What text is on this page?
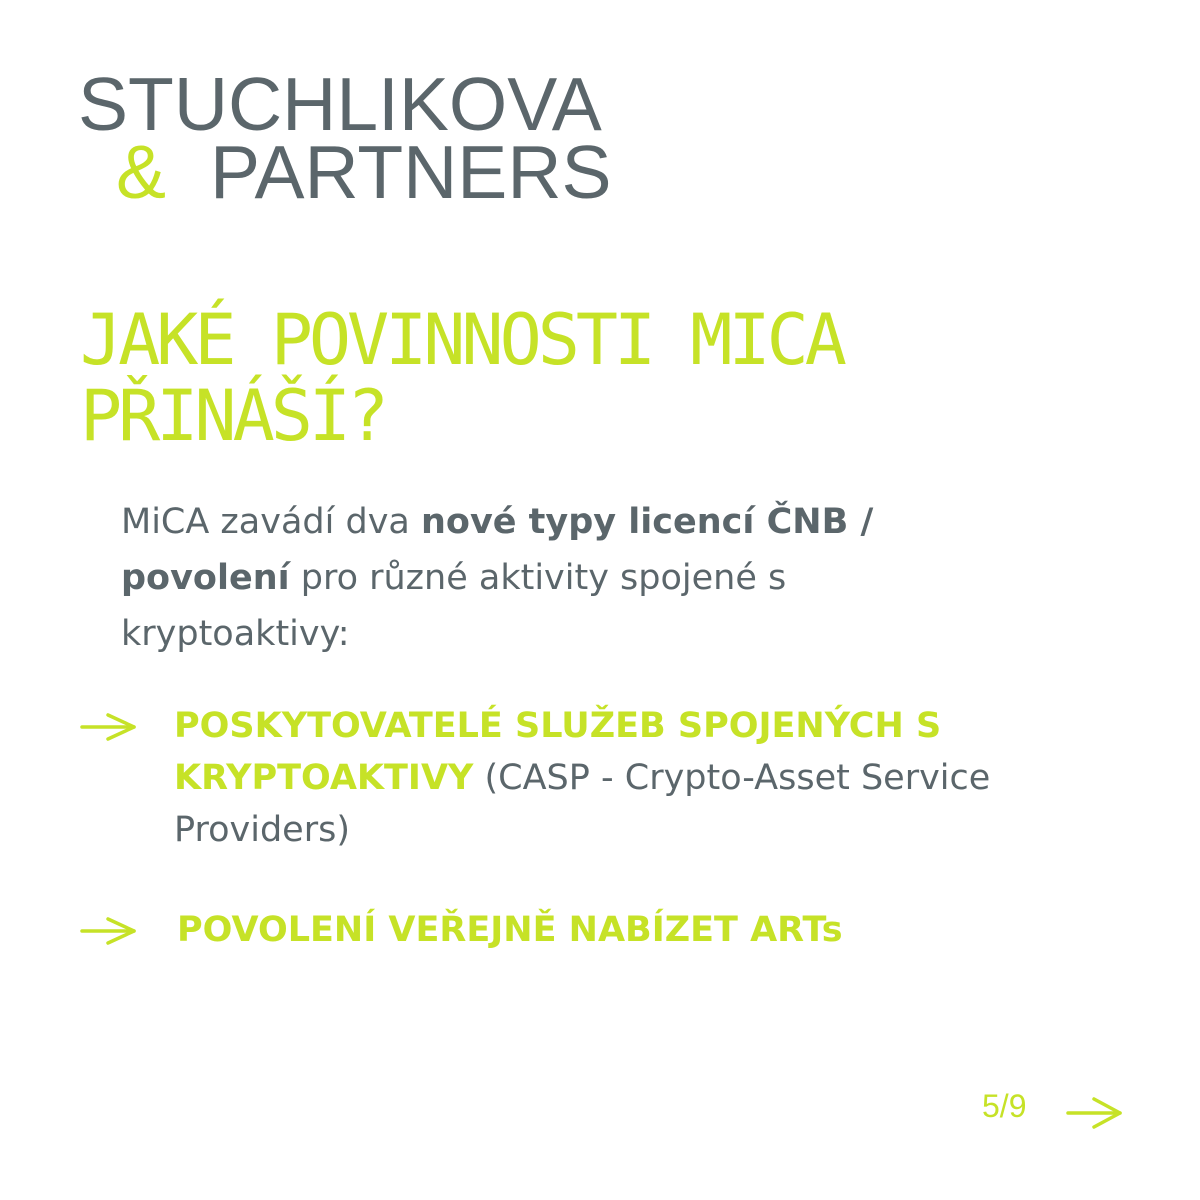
STUCHLIKOVA
& PARTNERS
JAKÉ POVINNOSTI MICA
PŘINÁŠÍ?
MiCA zavádí dva nové typy licencí ČNB / povolení pro různé aktivity spojené s kryptoaktivy:
POSKYTOVATELÉ SLUŽEB SPOJENÝCH S KRYPTOAKTIVY (CASP - Crypto-Asset Service Providers)
POVOLENÍ VEŘEJNĚ NABÍZET ARTs
5/9
